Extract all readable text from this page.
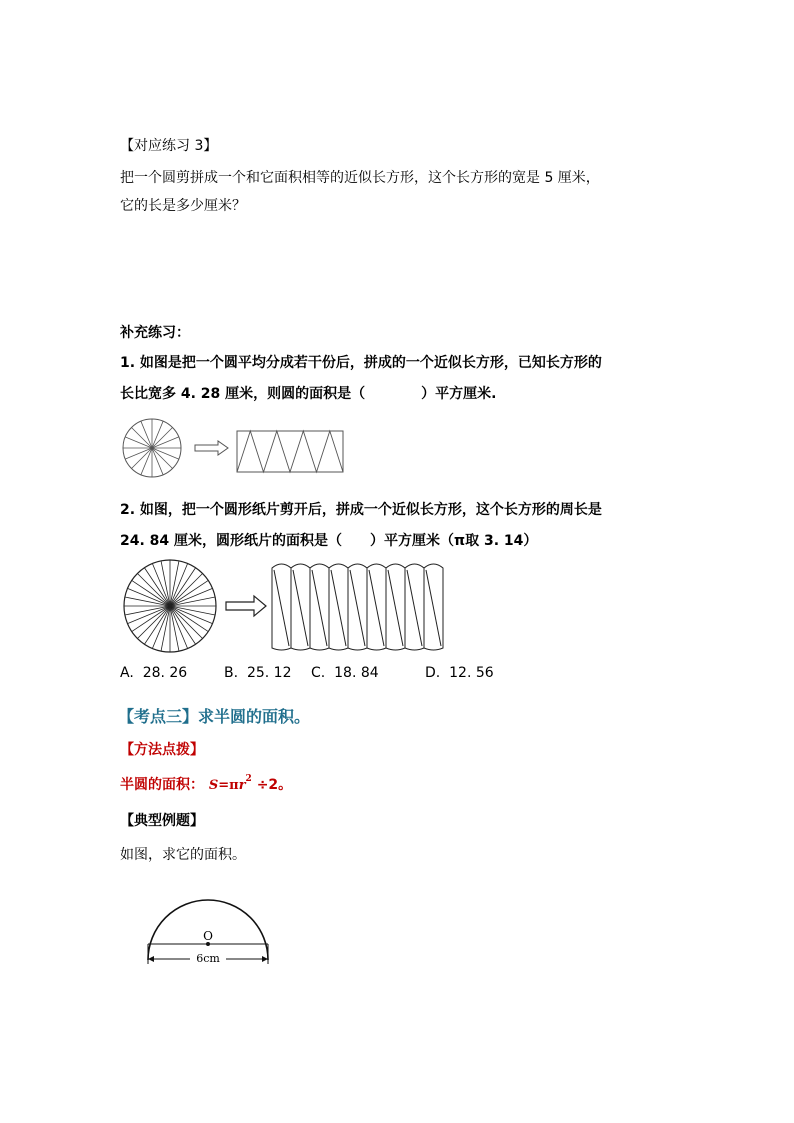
【对应练习 3】
把一个圆剪拼成一个和它面积相等的近似长方形，这个长方形的宽是 5 厘米，
它的长是多少厘米？
补充练习：
1. 如图是把一个圆平均分成若干份后，拼成的一个近似长方形，已知长方形的
长比宽多 4. 28 厘米，则圆的面积是（　　　　）平方厘米.
2. 如图，把一个圆形纸片剪开后，拼成一个近似长方形，这个长方形的周长是
24. 84 厘米，圆形纸片的面积是（　　）平方厘米（π取 3. 14）
A. 28. 26	B. 25. 12 C. 18. 84	D. 12. 56
【考点三】求半圆的面积。
【方法点拨】
半圆的面积： $S=\pi r^2 \div 2$。
【典型例题】
如图，求它的面积。
O
6cm
